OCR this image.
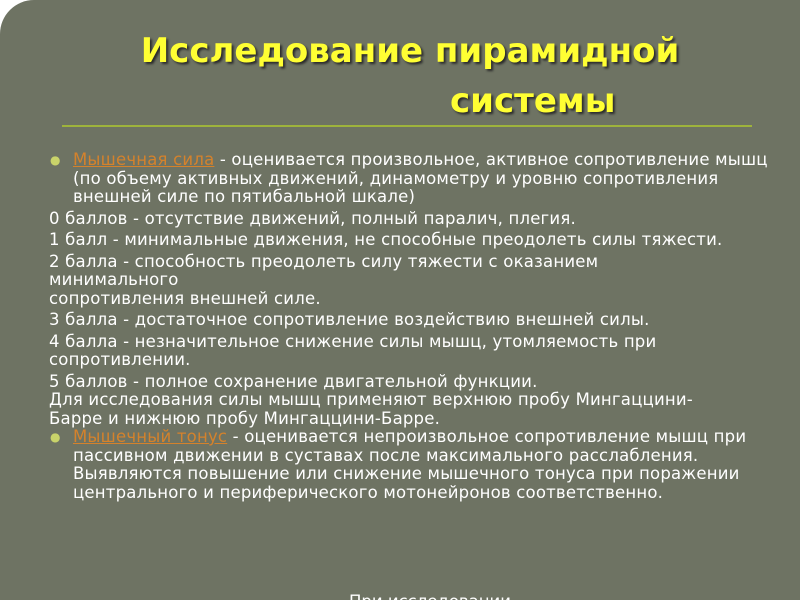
Исследование пирамидной
системы
● Мышечная сила - оценивается произвольное, активное сопротивление мышц (по объему активных движений, динамометру и уровню сопротивления внешней силе по пятибальной шкале)
0 баллов - отсутствие движений, полный паралич, плегия.
1 балл - минимальные движения, не способные преодолеть силы тяжести.
2 балла - способность преодолеть силу тяжести с оказанием минимального
сопротивления внешней силе.
3 балла - достаточное сопротивление воздействию внешней силы.
4 балла - незначительное снижение силы мышц, утомляемость при сопротивлении.
5 баллов - полное сохранение двигательной функции.
Для исследования силы мышц применяют верхнюю пробу Мингаццини-Барре и нижнюю пробу Мингаццини-Барре.
● Мышечный тонус - оценивается непроизвольное сопротивление мышц при пассивном движении в суставах после максимального расслабления.
Выявляются повышение или снижение мышечного тонуса при поражении центрального и периферического мотонейронов соответственно.
При исследовании
